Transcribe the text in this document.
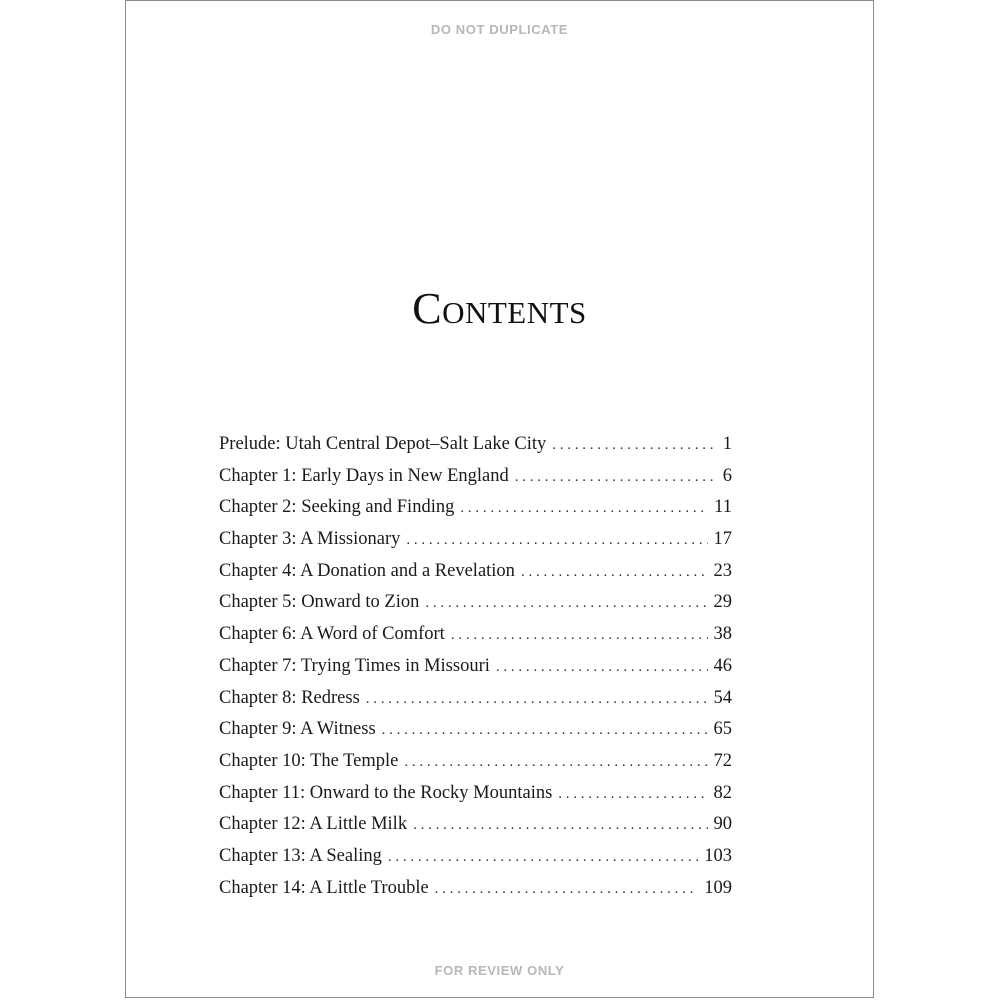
DO NOT DUPLICATE
Contents
Prelude: Utah Central Depot–Salt Lake City . . .	1
Chapter 1: Early Days in New England . . .	6
Chapter 2: Seeking and Finding . . .	11
Chapter 3: A Missionary . . .	17
Chapter 4: A Donation and a Revelation . . .	23
Chapter 5: Onward to Zion . . .	29
Chapter 6: A Word of Comfort . . .	38
Chapter 7: Trying Times in Missouri . . .	46
Chapter 8: Redress . . .	54
Chapter 9: A Witness . . .	65
Chapter 10: The Temple . . .	72
Chapter 11: Onward to the Rocky Mountains . . .	82
Chapter 12: A Little Milk . . .	90
Chapter 13: A Sealing . . .	103
Chapter 14: A Little Trouble . . .	109
FOR REVIEW ONLY
